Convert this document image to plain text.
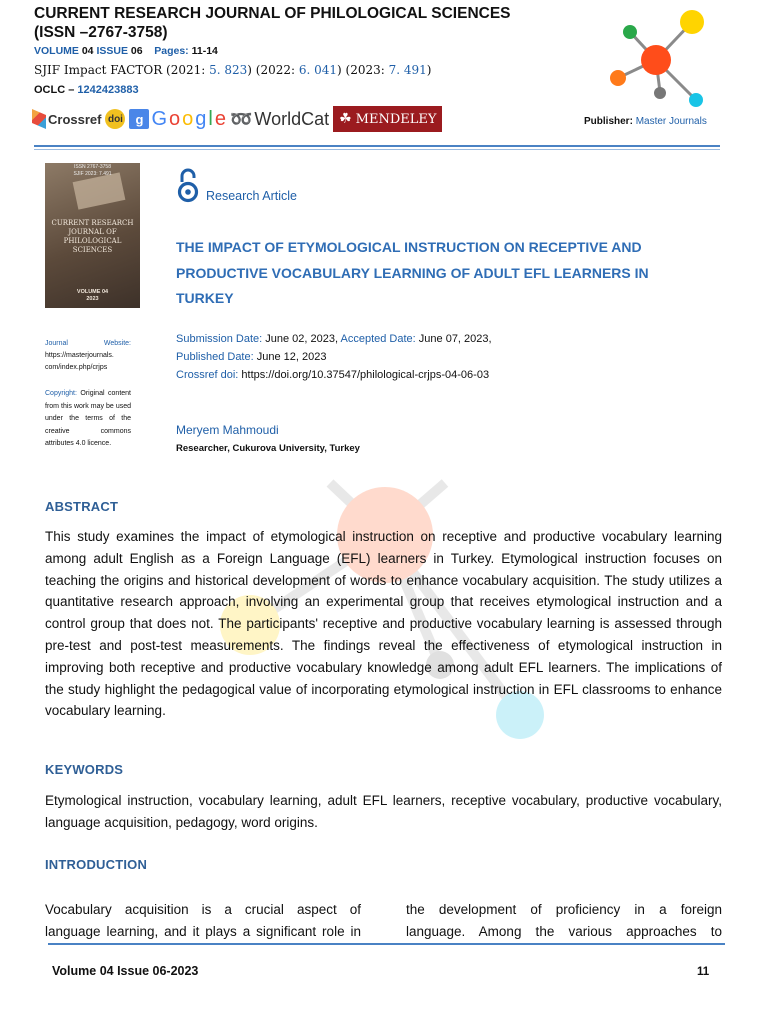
CURRENT RESEARCH JOURNAL OF PHILOLOGICAL SCIENCES
(ISSN –2767-3758)
VOLUME 04 ISSUE 06 Pages: 11-14
SJIF Impact FACTOR (2021: 5. 823) (2022: 6. 041) (2023: 7. 491)
OCLC – 1242423883
Crossref doi g G o o g l e ➿ WorldCat ☘ MENDELEY	Publisher: Master Journals
ISSN 2767-3758
SJIF 2023: 7.491
CURRENT RESEARCH JOURNAL OF PHILOLOGICAL SCIENCES
VOLUME 04
2023
Journal	Website:
https://masterjournals.
com/index.php/crjps
Copyright: Original content from this work may be used under the terms of the creative commons attributes 4.0 licence.
Research Article
THE IMPACT OF ETYMOLOGICAL INSTRUCTION ON RECEPTIVE AND PRODUCTIVE VOCABULARY LEARNING OF ADULT EFL LEARNERS IN TURKEY
Submission Date: June 02, 2023, Accepted Date: June 07, 2023,
Published Date: June 12, 2023
Crossref doi: https://doi.org/10.37547/philological-crjps-04-06-03
Meryem Mahmoudi
Researcher, Cukurova University, Turkey
ABSTRACT
This study examines the impact of etymological instruction on receptive and productive vocabulary learning among adult English as a Foreign Language (EFL) learners in Turkey. Etymological instruction focuses on teaching the origins and historical development of words to enhance vocabulary acquisition. The study utilizes a quantitative research approach, involving an experimental group that receives etymological instruction and a control group that does not. The participants' receptive and productive vocabulary learning is assessed through pre-test and post-test measurements. The findings reveal the effectiveness of etymological instruction in improving both receptive and productive vocabulary knowledge among adult EFL learners. The implications of the study highlight the pedagogical value of incorporating etymological instruction in EFL classrooms to enhance vocabulary learning.
KEYWORDS
Etymological instruction, vocabulary learning, adult EFL learners, receptive vocabulary, productive vocabulary, language acquisition, pedagogy, word origins.
INTRODUCTION
Vocabulary acquisition is a crucial aspect of language learning, and it plays a significant role in
the development of proficiency in a foreign language. Among the various approaches to
Volume 04 Issue 06-2023	11
